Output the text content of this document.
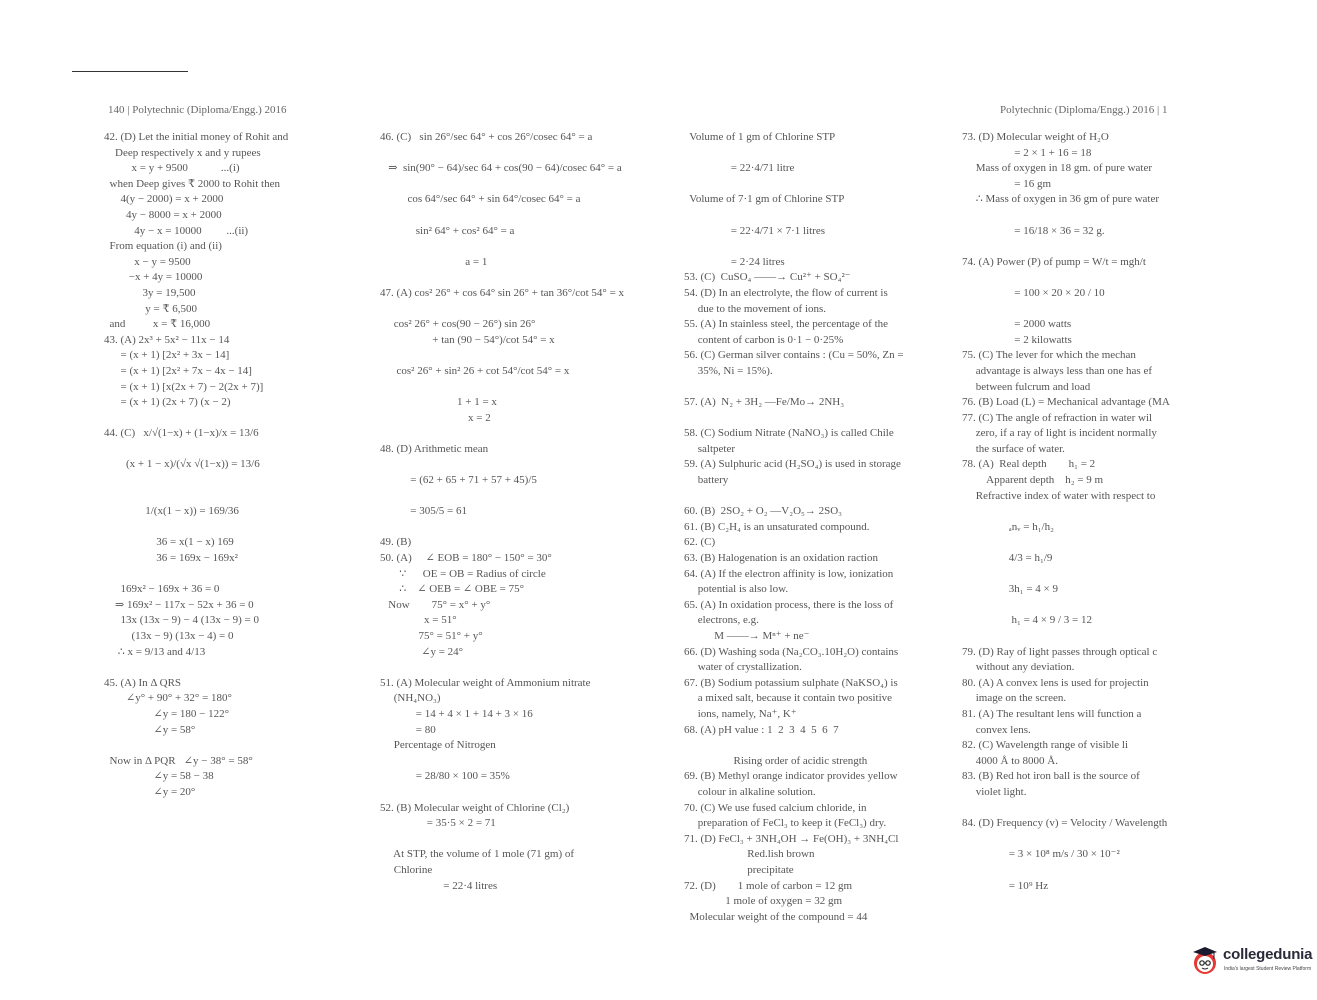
140 | Polytechnic (Diploma/Engg.) 2016	Polytechnic (Diploma/Engg.) 2016 | 1
42. (D) Let the initial money of Rohit and
Deep respectively x and y rupees
x = y + 9500            ...(i)
when Deep gives ₹ 2000 to Rohit then
4(y − 2000) = x + 2000
4y − 8000 = x + 2000
4y − x = 10000         ...(ii)
From equation (i) and (ii)
x − y = 9500
−x + 4y = 10000
3y = 19,500
y = ₹ 6,500
and          x = ₹ 16,000
43. (A) 2x³ + 5x² − 11x − 14
= (x + 1) [2x² + 3x − 14]
= (x + 1) [2x² + 7x − 4x − 14]
= (x + 1) [x(2x + 7) − 2(2x + 7)]
= (x + 1) (2x + 7) (x − 2)
44. (C)   x/√(1−x) + (1−x)/x = 13/6
(x + 1 − x)/(√x √(1−x)) = 13/6
1/(x(1 − x)) = 169/36
36 = x(1 − x) 169
36 = 169x − 169x²
169x² − 169x + 36 = 0
⇒ 169x² − 117x − 52x + 36 = 0
13x (13x − 9) − 4 (13x − 9) = 0
(13x − 9) (13x − 4) = 0
∴ x = 9/13 and 4/13
45. (A) In Δ QRS
∠y° + 90° + 32° = 180°
∠y = 180 − 122°
∠y = 58°
Now in Δ PQR   ∠y − 38° = 58°
∠y = 58 − 38
∠y = 20°
46. (C)   sin 26°/sec 64° + cos 26°/cosec 64° = a
⇒  sin(90° − 64)/sec 64 + cos(90 − 64)/cosec 64° = a
cos 64°/sec 64° + sin 64°/cosec 64° = a
sin² 64° + cos² 64° = a
a = 1
47. (A) cos² 26° + cos 64° sin 26° + tan 36°/cot 54° = x
cos² 26° + cos(90 − 26°) sin 26°
+ tan (90 − 54°)/cot 54° = x
cos² 26° + sin² 26 + cot 54°/cot 54° = x
1 + 1 = x
x = 2
48. (D) Arithmetic mean
= (62 + 65 + 71 + 57 + 45)/5
= 305/5 = 61
49. (B)
50. (A)     ∠ EOB = 180° − 150° = 30°
∵      OE = OB = Radius of circle
∴    ∠ OEB = ∠ OBE = 75°
Now        75° = x° + y°
x = 51°
75° = 51° + y°
∠y = 24°
51. (A) Molecular weight of Ammonium nitrate
(NH₄NO₃)
= 14 + 4 × 1 + 14 + 3 × 16
= 80
Percentage of Nitrogen
= 28/80 × 100 = 35%
52. (B) Molecular weight of Chlorine (Cl₂)
= 35·5 × 2 = 71
At STP, the volume of 1 mole (71 gm) of
Chlorine
= 22·4 litres
Volume of 1 gm of Chlorine STP
= 22·4/71 litre
Volume of 7·1 gm of Chlorine STP
= 22·4/71 × 7·1 litres
= 2·24 litres
53. (C)  CuSO₄ ——→ Cu²⁺ + SO₄²⁻
54. (D) In an electrolyte, the flow of current is
due to the movement of ions.
55. (A) In stainless steel, the percentage of the
content of carbon is 0·1 − 0·25%
56. (C) German silver contains : (Cu = 50%, Zn =
35%, Ni = 15%).
57. (A)  N₂ + 3H₂ —Fe/Mo→ 2NH₃
58. (C) Sodium Nitrate (NaNO₃) is called Chile
saltpeter
59. (A) Sulphuric acid (H₂SO₄) is used in storage
battery
60. (B)  2SO₂ + O₂ —V₂O₅→ 2SO₃
61. (B) C₂H₄ is an unsaturated compound.
62. (C)
63. (B) Halogenation is an oxidation raction
64. (A) If the electron affinity is low, ionization
potential is also low.
65. (A) In oxidation process, there is the loss of
electrons, e.g.
M ——→ Mⁿ⁺ + ne⁻
66. (D) Washing soda (Na₂CO₃.10H₂O) contains
water of crystallization.
67. (B) Sodium potassium sulphate (NaKSO₄) is
a mixed salt, because it contain two positive
ions, namely, Na⁺, K⁺
68. (A) pH value : 1  2  3  4  5  6  7
Rising order of acidic strength
69. (B) Methyl orange indicator provides yellow
colour in alkaline solution.
70. (C) We use fused calcium chloride, in
preparation of FeCl₃ to keep it (FeCl₃) dry.
71. (D) FeCl₃ + 3NH₄OH → Fe(OH)₃ + 3NH₄Cl
Red.lish brown
precipitate
72. (D)        1 mole of carbon = 12 gm
1 mole of oxygen = 32 gm
Molecular weight of the compound = 44
73. (D) Molecular weight of H₂O
= 2 × 1 + 16 = 18
Mass of oxygen in 18 gm. of pure water
= 16 gm
∴ Mass of oxygen in 36 gm of pure water
= 16/18 × 36 = 32 g.
74. (A) Power (P) of pump = W/t = mgh/t
= 100 × 20 × 20 / 10
= 2000 watts
= 2 kilowatts
75. (C) The lever for which the mechan
advantage is always less than one has ef
between fulcrum and load
76. (B) Load (L) = Mechanical advantage (MA
77. (C) The angle of refraction in water wil
zero, if a ray of light is incident normally
the surface of water.
78. (A)  Real depth        h₁ = 2
Apparent depth    h₂ = 9 m
Refractive index of water with respect to
ₐnᵥ = h₁/h₂
4/3 = h₁/9
3h₁ = 4 × 9
h₁ = 4 × 9 / 3 = 12
79. (D) Ray of light passes through optical c
without any deviation.
80. (A) A convex lens is used for projectin
image on the screen.
81. (A) The resultant lens will function a
convex lens.
82. (C) Wavelength range of visible li
4000 Å to 8000 Å.
83. (B) Red hot iron ball is the source of
violet light.
84. (D) Frequency (v) = Velocity / Wavelength
= 3 × 10⁸ m/s / 30 × 10⁻²
= 10⁹ Hz
collegedunia
India's largest Student Review Platform
